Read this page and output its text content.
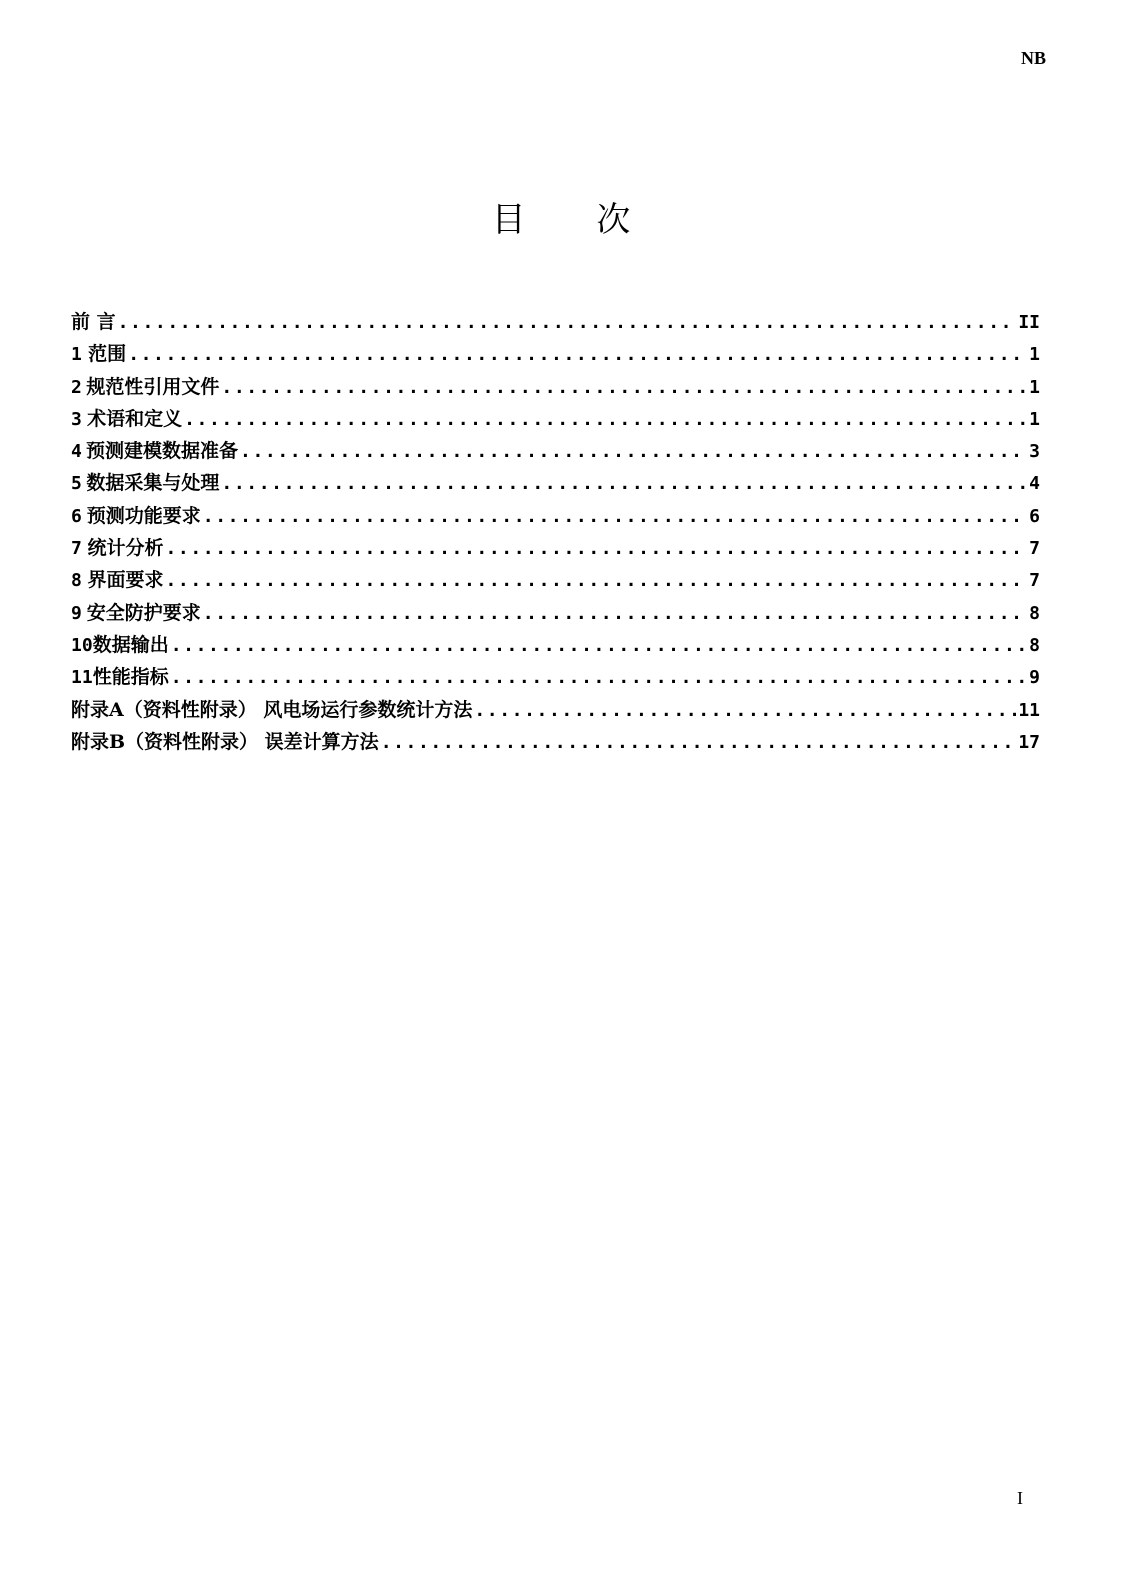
NB
目 次
前 言 .....	II
1 范围 .....	1
2 规范性引用文件 .....	1
3 术语和定义 .....	1
4 预测建模数据准备 .....	3
5 数据采集与处理 .....	4
6 预测功能要求 .....	6
7 统计分析 .....	7
8 界面要求 .....	7
9 安全防护要求 .....	8
10 数据输出 .....	8
11 性能指标 .....	9
附录A（资料性附录） 风电场运行参数统计方法 .....	11
附录B（资料性附录） 误差计算方法 .....	17
I
